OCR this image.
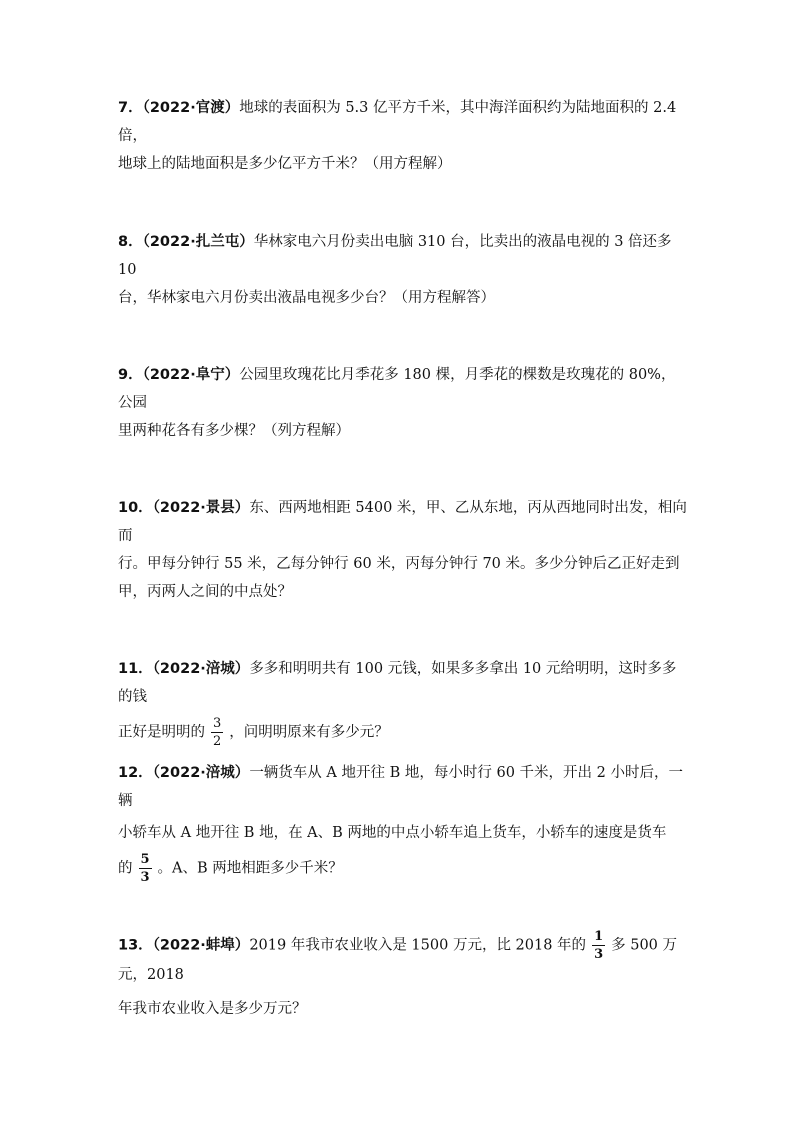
7．（2022·官渡）地球的表面积为 5.3 亿平方千米，其中海洋面积约为陆地面积的 2.4 倍，
地球上的陆地面积是多少亿平方千米？（用方程解）
8．（2022·扎兰屯）华林家电六月份卖出电脑 310 台，比卖出的液晶电视的 3 倍还多 10
台，华林家电六月份卖出液晶电视多少台？（用方程解答）
9．（2022·阜宁）公园里玫瑰花比月季花多 180 棵，月季花的棵数是玫瑰花的 80%，公园
里两种花各有多少棵？（列方程解）
10．（2022·景县）东、西两地相距 5400 米，甲、乙从东地，丙从西地同时出发，相向而
行。甲每分钟行 55 米，乙每分钟行 60 米，丙每分钟行 70 米。多少分钟后乙正好走到
甲，丙两人之间的中点处？
11．（2022·涪城）多多和明明共有 100 元钱，如果多多拿出 10 元给明明，这时多多的钱
正好是明明的 $\frac{3}{2}$ ，问明明原来有多少元？
12．（2022·涪城）一辆货车从 A 地开往 B 地，每小时行 60 千米，开出 2 小时后，一辆
小轿车从 A 地开往 B 地，在 A、B 两地的中点小轿车追上货车，小轿车的速度是货车
的 $\frac{5}{3}$ 。A、B 两地相距多少千米？
13．（2022·蚌埠）2019 年我市农业收入是 1500 万元，比 2018 年的 $\frac{1}{3}$ 多 500 万元，2018
年我市农业收入是多少万元？
